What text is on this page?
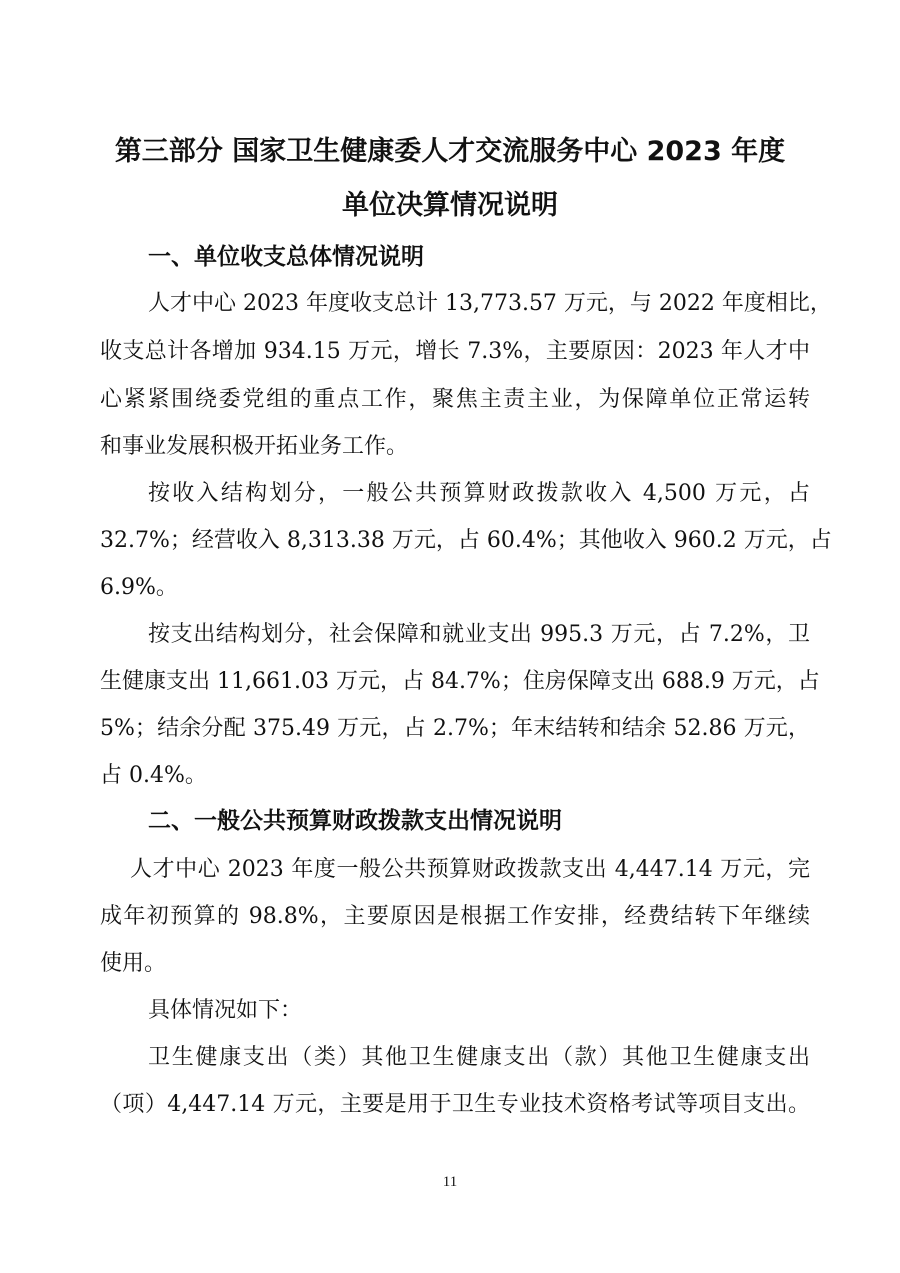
第三部分 国家卫生健康委人才交流服务中心 2023 年度
单位决算情况说明
一、单位收支总体情况说明
人才中心 2023 年度收支总计 13,773.57 万元，与 2022 年度相比，
收支总计各增加 934.15 万元，增长 7.3%，主要原因：2023 年人才中
心紧紧围绕委党组的重点工作，聚焦主责主业，为保障单位正常运转
和事业发展积极开拓业务工作。
按收入结构划分，一般公共预算财政拨款收入 4,500 万元，占
32.7%；经营收入 8,313.38 万元，占 60.4%；其他收入 960.2 万元，占
6.9%。
按支出结构划分，社会保障和就业支出 995.3 万元，占 7.2%，卫
生健康支出 11,661.03 万元，占 84.7%；住房保障支出 688.9 万元，占
5%；结余分配 375.49 万元，占 2.7%；年末结转和结余 52.86 万元，
占 0.4%。
二、一般公共预算财政拨款支出情况说明
人才中心 2023 年度一般公共预算财政拨款支出 4,447.14 万元，完
成年初预算的 98.8%，主要原因是根据工作安排，经费结转下年继续
使用。
具体情况如下：
卫生健康支出（类）其他卫生健康支出（款）其他卫生健康支出
（项）4,447.14 万元，主要是用于卫生专业技术资格考试等项目支出。
11
